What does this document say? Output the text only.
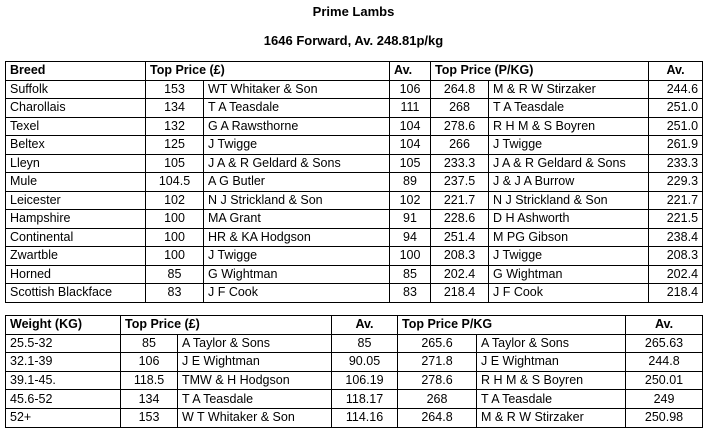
Prime Lambs
1646 Forward, Av. 248.81p/kg
Breed	Top Price (£)		Av.	Top Price (P/KG)		Av.
Suffolk	153	WT Whitaker & Son	106	264.8	M & R W Stirzaker	244.6
Charollais	134	T A Teasdale	111	268	T A Teasdale	251.0
Texel	132	G A Rawsthorne	104	278.6	R H M & S Boyren	251.0
Beltex	125	J Twigge	104	266	J Twigge	261.9
Lleyn	105	J A & R Geldard & Sons	105	233.3	J A & R Geldard & Sons	233.3
Mule	104.5	A G Butler	89	237.5	J & J A Burrow	229.3
Leicester	102	N J Strickland & Son	102	221.7	N J Strickland & Son	221.7
Hampshire	100	MA Grant	91	228.6	D H Ashworth	221.5
Continental	100	HR & KA Hodgson	94	251.4	M PG Gibson	238.4
Zwartble	100	J Twigge	100	208.3	J Twigge	208.3
Horned	85	G Wightman	85	202.4	G Wightman	202.4
Scottish Blackface	83	J F Cook	83	218.4	J F Cook	218.4
Weight (KG)	Top Price (£)		Av.	Top Price P/KG		Av.
25.5-32	85	A Taylor & Sons	85	265.6	A Taylor & Sons	265.63
32.1-39	106	J E Wightman	90.05	271.8	J E Wightman	244.8
39.1-45.	118.5	TMW & H Hodgson	106.19	278.6	R H M & S Boyren	250.01
45.6-52	134	T A Teasdale	118.17	268	T A Teasdale	249
52+	153	W T Whitaker & Son	114.16	264.8	M & R W Stirzaker	250.98
